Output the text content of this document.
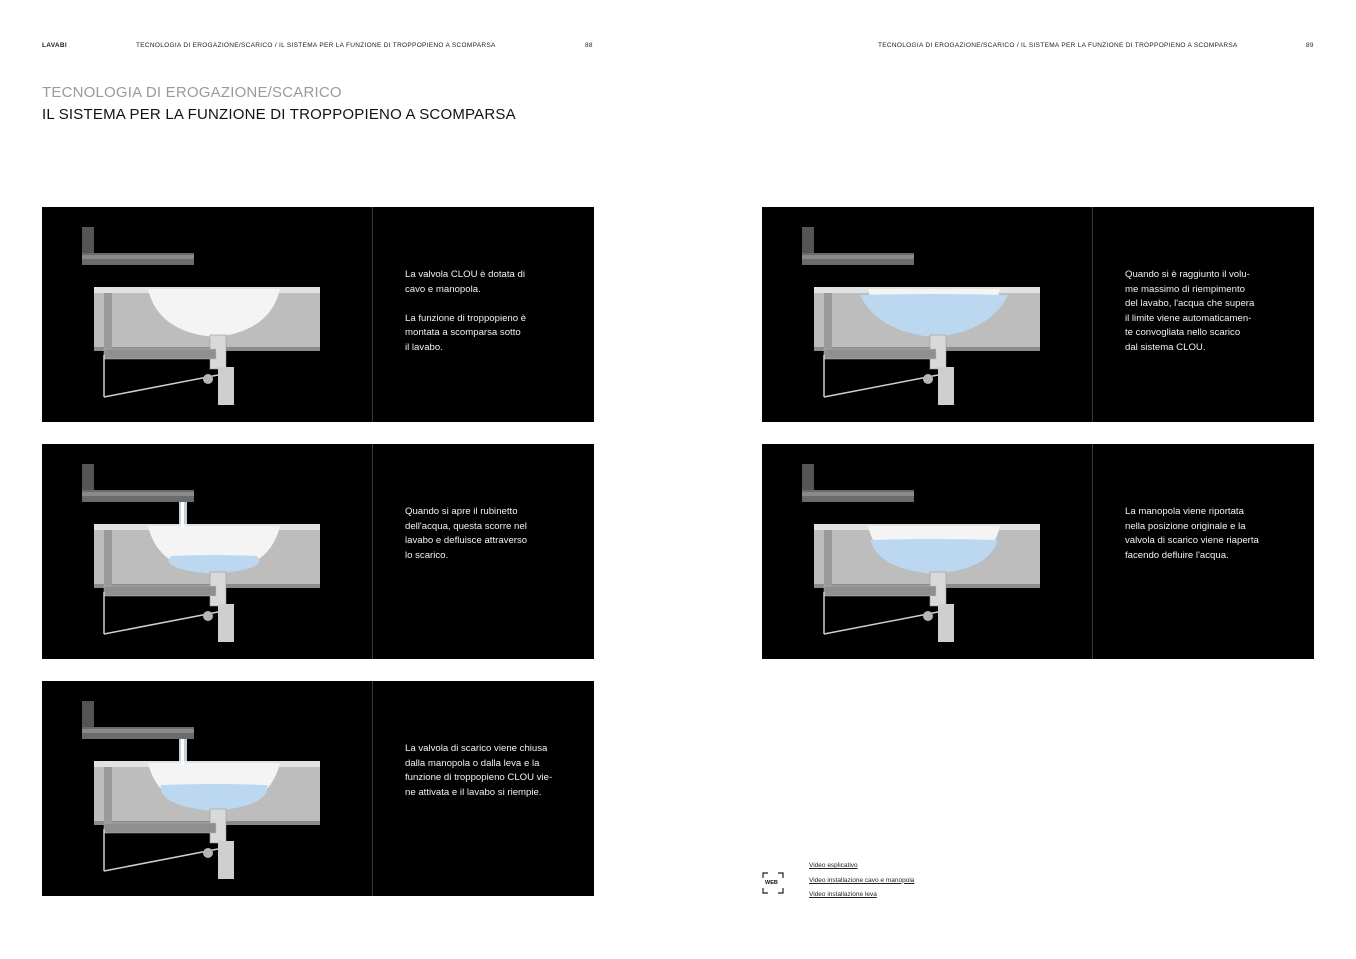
LAVABI	TECNOLOGIA DI EROGAZIONE/SCARICO / IL SISTEMA PER LA FUNZIONE DI TROPPOPIENO A SCOMPARSA	88	TECNOLOGIA DI EROGAZIONE/SCARICO / IL SISTEMA PER LA FUNZIONE DI TROPPOPIENO A SCOMPARSA	89
TECNOLOGIA DI EROGAZIONE/SCARICO
IL SISTEMA PER LA FUNZIONE DI TROPPOPIENO A SCOMPARSA
La valvola CLOU è dotata di
cavo e manopola.

La funzione di troppopieno è
montata a scomparsa sotto
il lavabo.
Quando si apre il rubinetto
dell'acqua, questa scorre nel
lavabo e defluisce attraverso
lo scarico.
La valvola di scarico viene chiusa
dalla manopola o dalla leva e la
funzione di troppopieno CLOU vie-
ne attivata e il lavabo si riempie.
Quando si è raggiunto il volu-
me massimo di riempimento
del lavabo, l'acqua che supera
il limite viene automaticamen-
te convogliata nello scarico
dal sistema CLOU.
La manopola viene riportata
nella posizione originale e la
valvola di scarico viene riaperta
facendo defluire l'acqua.
WEB
Video esplicativo
Video installazione cavo e manopola
Video installazione leva
